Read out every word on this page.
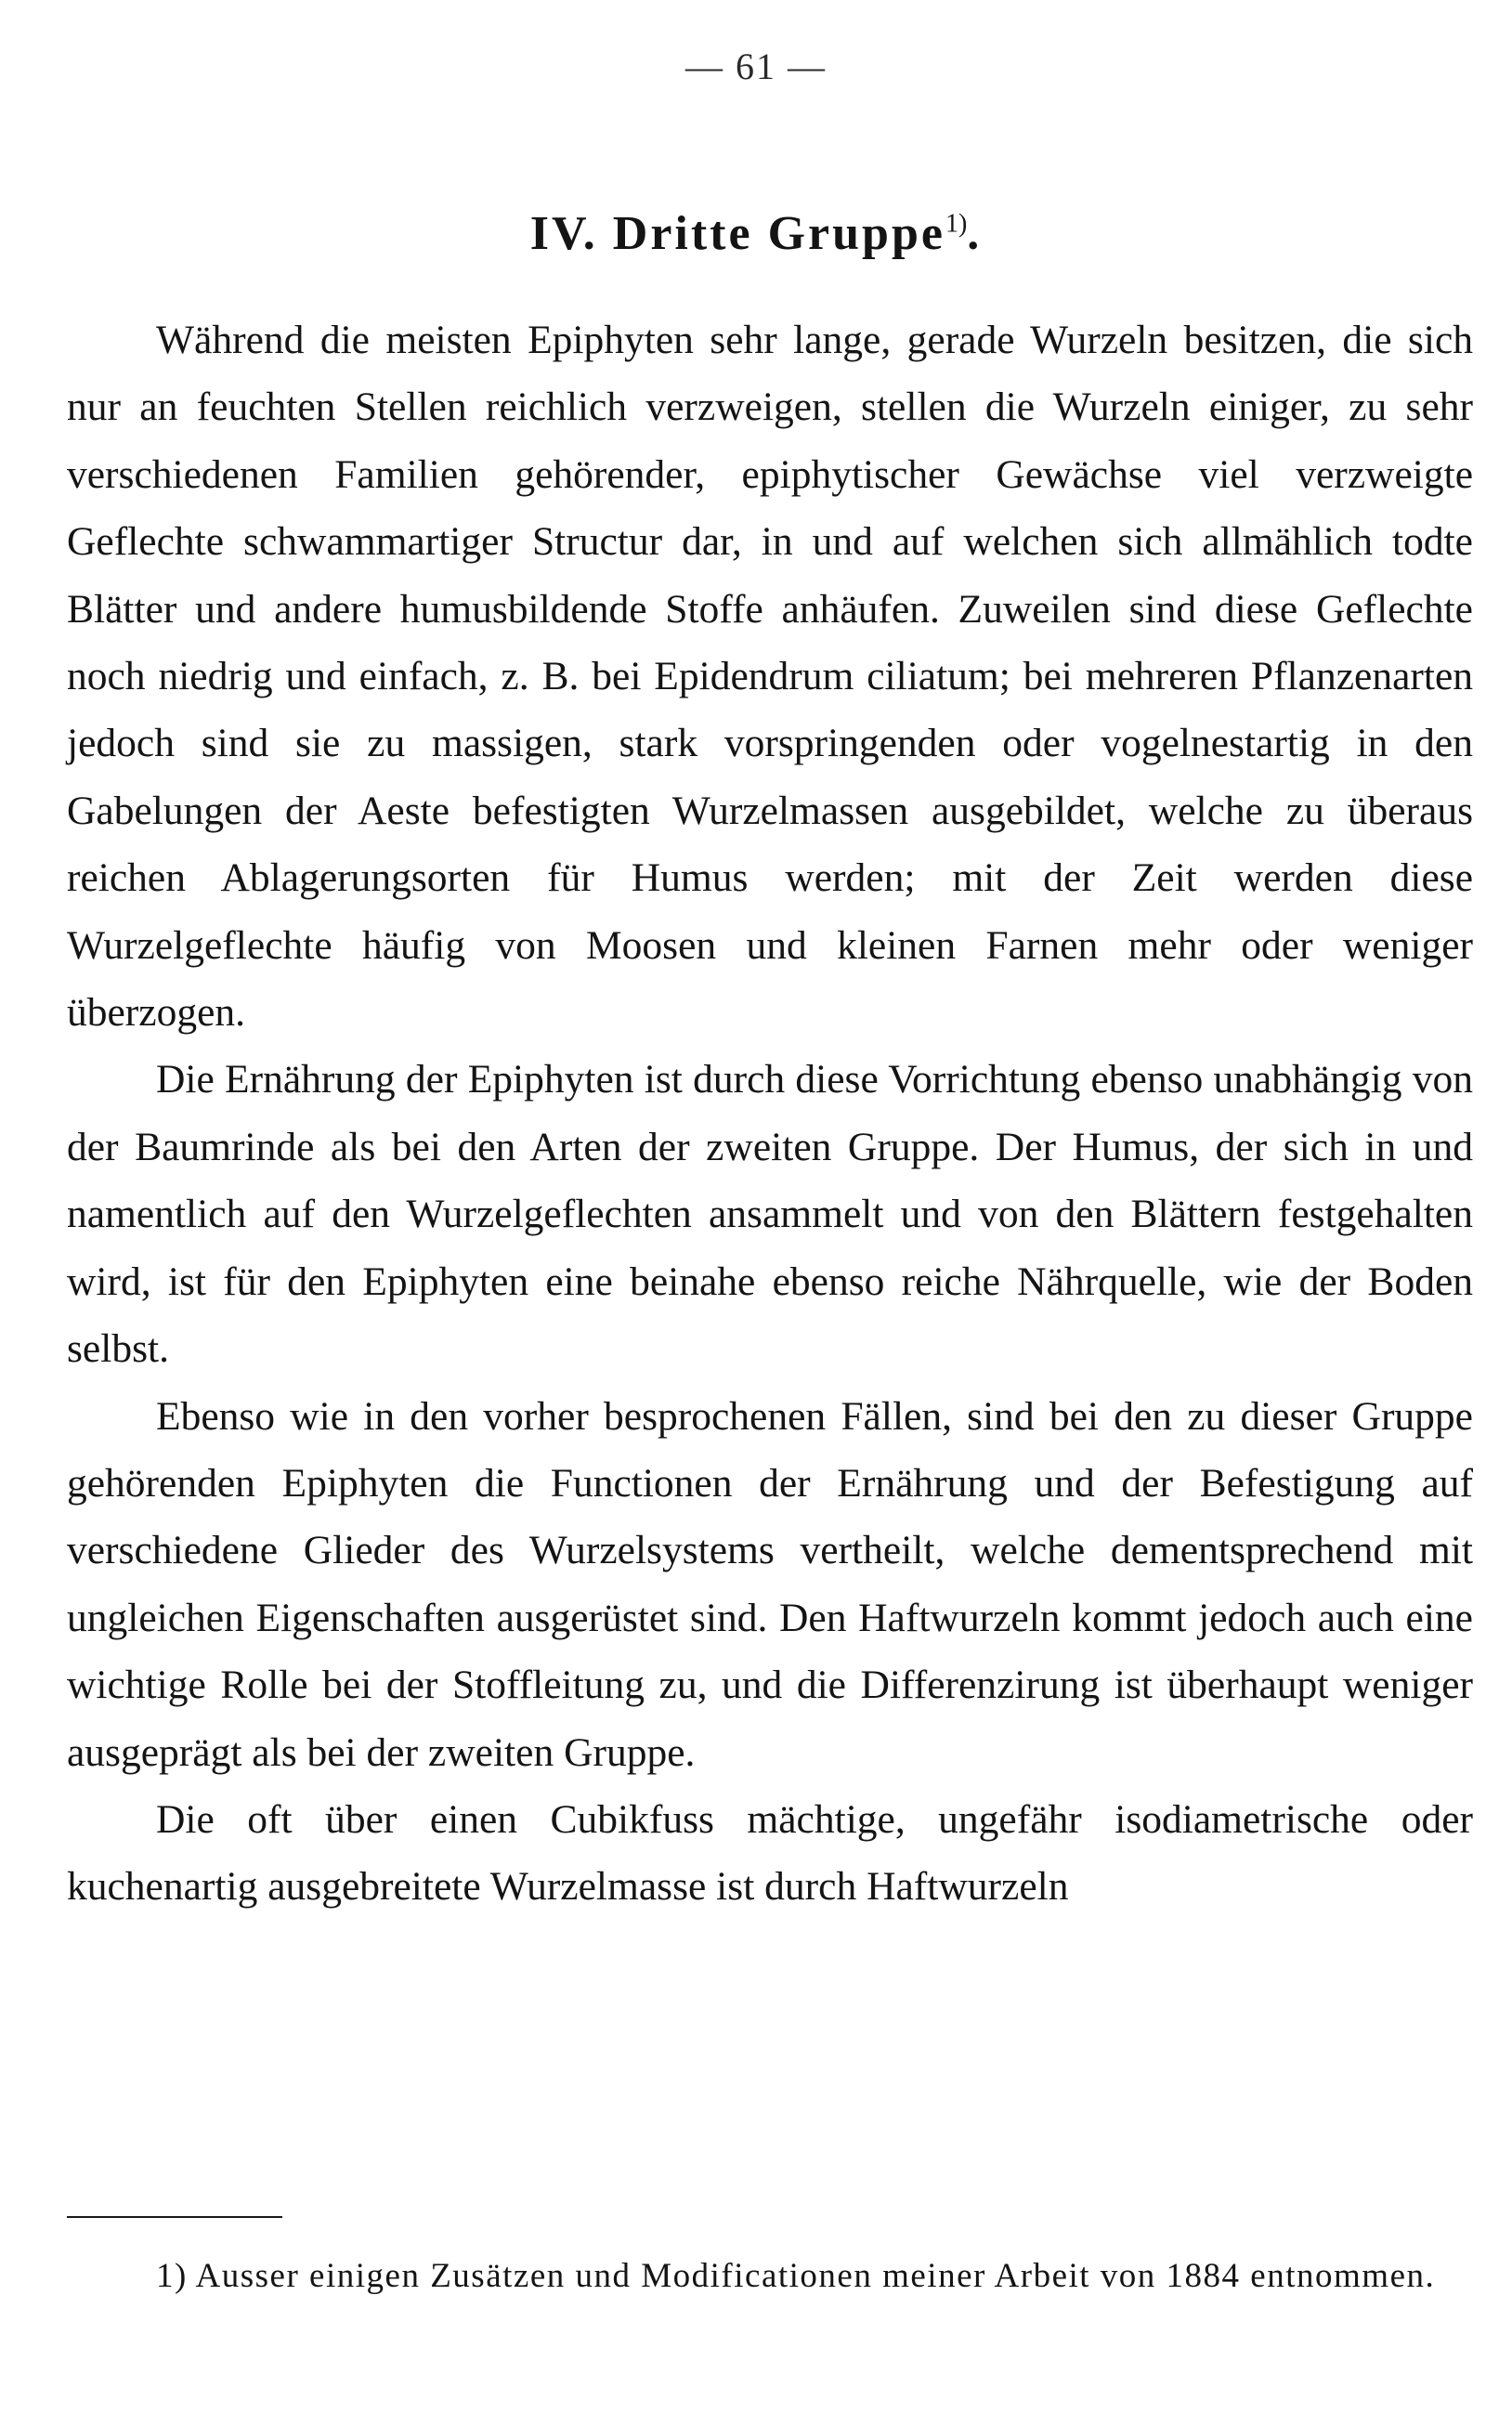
— 61 —
IV. Dritte Gruppe$^{1)}$.

Während die meisten Epiphyten sehr lange, gerade Wurzeln besitzen, die sich nur an feuchten Stellen reichlich verzweigen, stellen die Wurzeln einiger, zu sehr verschiedenen Familien gehörender, epiphytischer Gewächse viel verzweigte Geflechte schwammartiger Structur dar, in und auf welchen sich allmählich todte Blätter und andere humusbildende Stoffe anhäufen. Zuweilen sind diese Geflechte noch niedrig und einfach, z. B. bei Epidendrum ciliatum; bei mehreren Pflanzenarten jedoch sind sie zu massigen, stark vorspringenden oder vogelnestartig in den Gabelungen der Aeste befestigten Wurzelmassen ausgebildet, welche zu überaus reichen Ablagerungsorten für Humus werden; mit der Zeit werden diese Wurzelgeflechte häufig von Moosen und kleinen Farnen mehr oder weniger überzogen.

Die Ernährung der Epiphyten ist durch diese Vorrichtung ebenso unabhängig von der Baumrinde als bei den Arten der zweiten Gruppe. Der Humus, der sich in und namentlich auf den Wurzelgeflechten ansammelt und von den Blättern festgehalten wird, ist für den Epiphyten eine beinahe ebenso reiche Nährquelle, wie der Boden selbst.

Ebenso wie in den vorher besprochenen Fällen, sind bei den zu dieser Gruppe gehörenden Epiphyten die Functionen der Ernährung und der Befestigung auf verschiedene Glieder des Wurzelsystems vertheilt, welche dementsprechend mit ungleichen Eigenschaften ausgerüstet sind. Den Haftwurzeln kommt jedoch auch eine wichtige Rolle bei der Stoffleitung zu, und die Differenzirung ist überhaupt weniger ausgeprägt als bei der zweiten Gruppe.

Die oft über einen Cubikfuss mächtige, ungefähr isodiametrische oder kuchenartig ausgebreitete Wurzelmasse ist durch Haftwurzeln

1) Ausser einigen Zusätzen und Modificationen meiner Arbeit von 1884 entnommen.
